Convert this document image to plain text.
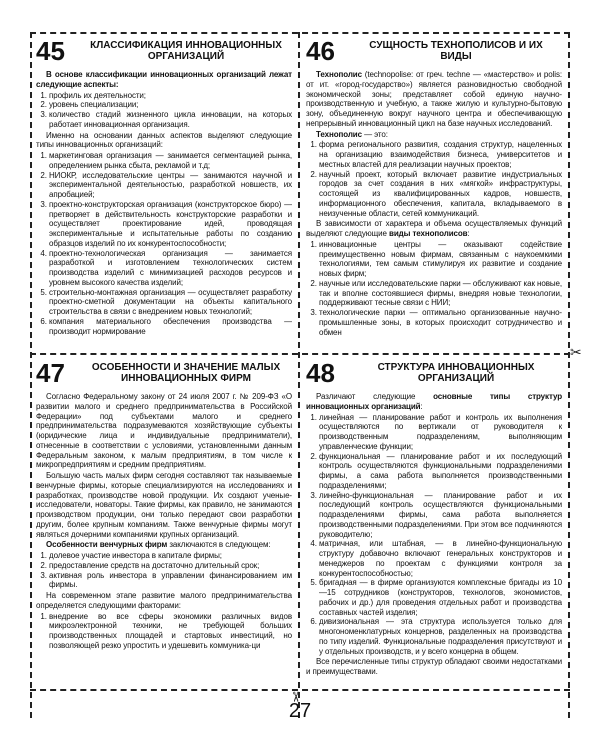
✂
✂
45	КЛАССИФИКАЦИЯ ИННОВАЦИОННЫХ ОРГАНИЗАЦИЙ

В основе классификации инновационных организаций лежат следующие аспекты:

1. профиль их деятельности;
2. уровень специализации;
3. количество стадий жизненного цикла инновации, на которых работает инновационная организация.

Именно на основании данных аспектов выделяют следующие типы инновационных организаций:

1. маркетинговая организация — занимается сегментацией рынка, определением рынка сбыта, рекламой и т.д;
2. НИОКР, исследовательские центры — занимаются научной и экспериментальной деятельностью, разработкой новшеств, их апробацией;
3. проектно-конструкторская организация (конструкторское бюро) — претворяет в действительность конструкторские разработки и осуществляет проектирование идей, проводящая экспериментальные и испытательные работы по созданию образцов изделий по их конкурентоспособности;
4. проектно-технологическая организация — занимается разработкой и изготовлением технологических систем производства изделий с минимизацией расходов ресурсов и уровнем высокого качества изделий;
5. строительно-монтажная организация — осуществляет разработку проектно-сметной документации на объекты капитального строительства в связи с внедрением новых технологий;
6. компания материального обеспечения производства — производит нормирование
46	СУЩНОСТЬ ТЕХНОПОЛИСОВ И ИХ ВИДЫ

Технополис (technopolise: от греч. techne — «мастерство» и polis: от ит. «город-государство») является разновидностью свободной экономической зоны; представляет собой единую научно-производственную и учебную, а также жилую и культурно-бытовую зону, объединенную вокруг научного центра и обеспечивающую непрерывный инновационный цикл на базе научных исследований.

Технополис — это:

1. форма регионального развития, создания структур, нацеленных на организацию взаимодействия бизнеса, университетов и местных властей для реализации научных проектов;
2. научный проект, который включает развитие индустриальных городов за счет создания в них «мягкой» инфраструктуры, состоящей из квалифицированных кадров, новшеств, информационного обеспечения, капитала, вкладываемого в неизученные области, сетей коммуникаций.

В зависимости от характера и объема осуществляемых функций выделяют следующие виды технополисов:

1. инновационные центры — оказывают содействие преимущественно новым фирмам, связанным с наукоемкими технологиями, тем самым стимулируя их развитие и создание новых фирм;
2. научные или исследовательские парки — обслуживают как новые, так и вполне состоявшиеся фирмы, внедряя новые технологии, поддерживают тесные связи с НИИ;
3. технологические парки — оптимально организованные научно-промышленные зоны, в которых происходит сотрудничество и обмен
47	ОСОБЕННОСТИ И ЗНАЧЕНИЕ МАЛЫХ ИННОВАЦИОННЫХ ФИРМ

Согласно Федеральному закону от 24 июля 2007 г. № 209-ФЗ «О развитии малого и среднего предпринимательства в Российской Федерации» под субъектами малого и среднего предпринимательства подразумеваются хозяйствующие субъекты (юридические лица и индивидуальные предприниматели), отнесенные в соответствии с условиями, установленными данным Федеральным законом, к малым предприятиям, в том числе к микропредприятиям и средним предприятиям.

Большую часть малых фирм сегодня составляют так называемые венчурные фирмы, которые специализируются на исследованиях и разработках, производстве новой продукции. Их создают ученые-исследователи, новаторы. Такие фирмы, как правило, не занимаются производством продукции, они только передают свои разработки другим, более крупным компаниям. Также венчурные фирмы могут являться дочерними компаниями крупных организаций.

Особенности венчурных фирм заключаются в следующем:

1. долевое участие инвестора в капитале фирмы;
2. предоставление средств на достаточно длительный срок;
3. активная роль инвестора в управлении финансированием им фирмы.

На современном этапе развитие малого предпринимательства определяется следующими факторами:

1. внедрение во все сферы экономики различных видов микроэлектронной техники, не требующей больших производственных площадей и стартовых инвестиций, но позволяющей резко упростить и удешевить коммуника-ци
48	СТРУКТУРА ИННОВАЦИОННЫХ ОРГАНИЗАЦИЙ

Различают следующие основные типы структур инновационных организаций:

1. линейная — планирование работ и контроль их выполнения осуществляются по вертикали от руководителя к производственным подразделениям, выполняющим управленческие функции;
2. функциональная — планирование работ и их последующий контроль осуществляются функциональными подразделениями фирмы, а сама работа выполняется производственными подразделениями;
3. линейно-функциональная — планирование работ и их последующий контроль осуществляются функциональными подразделениями фирмы, сама работа выполняется производственными подразделениями. При этом все подчиняются руководителю;
4. матричная, или штабная, — в линейно-функциональную структуру добавочно включают генеральных конструкторов и менеджеров по проектам с функциями контроля за конкурентоспособностью;
5. бригадная — в фирме организуются комплексные бригады из 10—15 сотрудников (конструкторов, технологов, экономистов, рабочих и др.) для проведения отдельных работ и производства составных частей изделия;
6. дивизиональная — эта структура используется только для многономенклатурных концернов, разделенных на производства по типу изделий. Функциональные подразделения присутствуют и у отдельных производств, и у всего концерна в общем.

Все перечисленные типы структур обладают своими недостатками и преимуществами.

27
